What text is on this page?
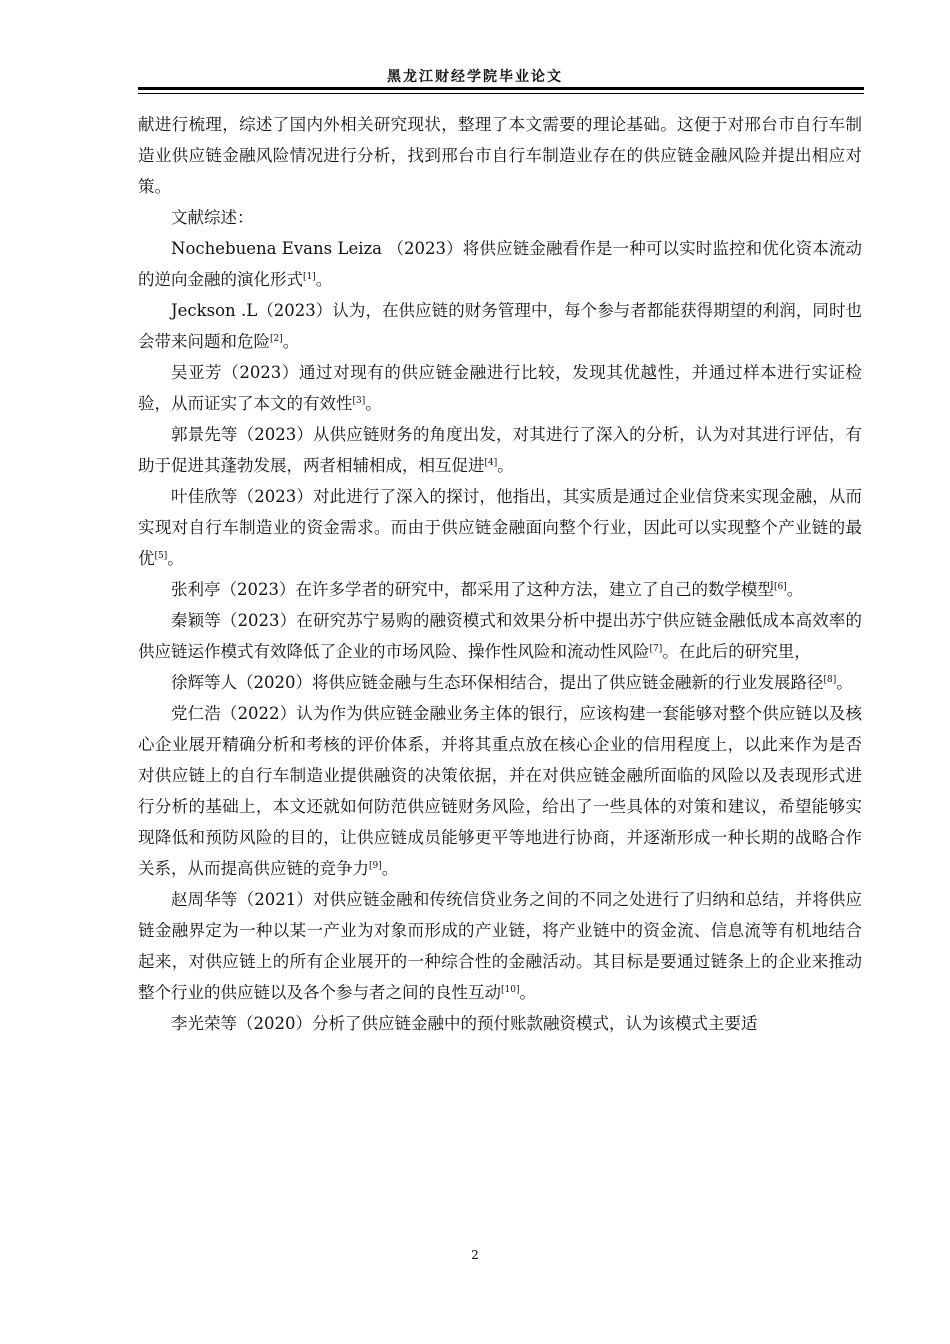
黑龙江财经学院毕业论文

献进行梳理，综述了国内外相关研究现状，整理了本文需要的理论基础。这便于对邢台市自行车制造业供应链金融风险情况进行分析，找到邢台市自行车制造业存在的供应链金融风险并提出相应对策。

文献综述：

Nochebuena Evans Leiza （2023）将供应链金融看作是一种可以实时监控和优化资本流动的逆向金融的演化形式[1]。

Jeckson .L（2023）认为，在供应链的财务管理中，每个参与者都能获得期望的利润，同时也会带来问题和危险[2]。

吴亚芳（2023）通过对现有的供应链金融进行比较，发现其优越性，并通过样本进行实证检验，从而证实了本文的有效性[3]。

郭景先等（2023）从供应链财务的角度出发，对其进行了深入的分析，认为对其进行评估，有助于促进其蓬勃发展，两者相辅相成，相互促进[4]。

叶佳欣等（2023）对此进行了深入的探讨，他指出，其实质是通过企业信贷来实现金融，从而实现对自行车制造业的资金需求。而由于供应链金融面向整个行业，因此可以实现整个产业链的最优[5]。

张利亭（2023）在许多学者的研究中，都采用了这种方法，建立了自己的数学模型[6]。

秦颖等（2023）在研究苏宁易购的融资模式和效果分析中提出苏宁供应链金融低成本高效率的供应链运作模式有效降低了企业的市场风险、操作性风险和流动性风险[7]。在此后的研究里，

徐辉等人（2020）将供应链金融与生态环保相结合，提出了供应链金融新的行业发展路径[8]。

党仁浩（2022）认为作为供应链金融业务主体的银行，应该构建一套能够对整个供应链以及核心企业展开精确分析和考核的评价体系，并将其重点放在核心企业的信用程度上，以此来作为是否对供应链上的自行车制造业提供融资的决策依据，并在对供应链金融所面临的风险以及表现形式进行分析的基础上，本文还就如何防范供应链财务风险，给出了一些具体的对策和建议，希望能够实现降低和预防风险的目的，让供应链成员能够更平等地进行协商，并逐渐形成一种长期的战略合作关系，从而提高供应链的竞争力[9]。

赵周华等（2021）对供应链金融和传统信贷业务之间的不同之处进行了归纳和总结，并将供应链金融界定为一种以某一产业为对象而形成的产业链，将产业链中的资金流、信息流等有机地结合起来，对供应链上的所有企业展开的一种综合性的金融活动。其目标是要通过链条上的企业来推动整个行业的供应链以及各个参与者之间的良性互动[10]。

李光荣等（2020）分析了供应链金融中的预付账款融资模式，认为该模式主要适

2
